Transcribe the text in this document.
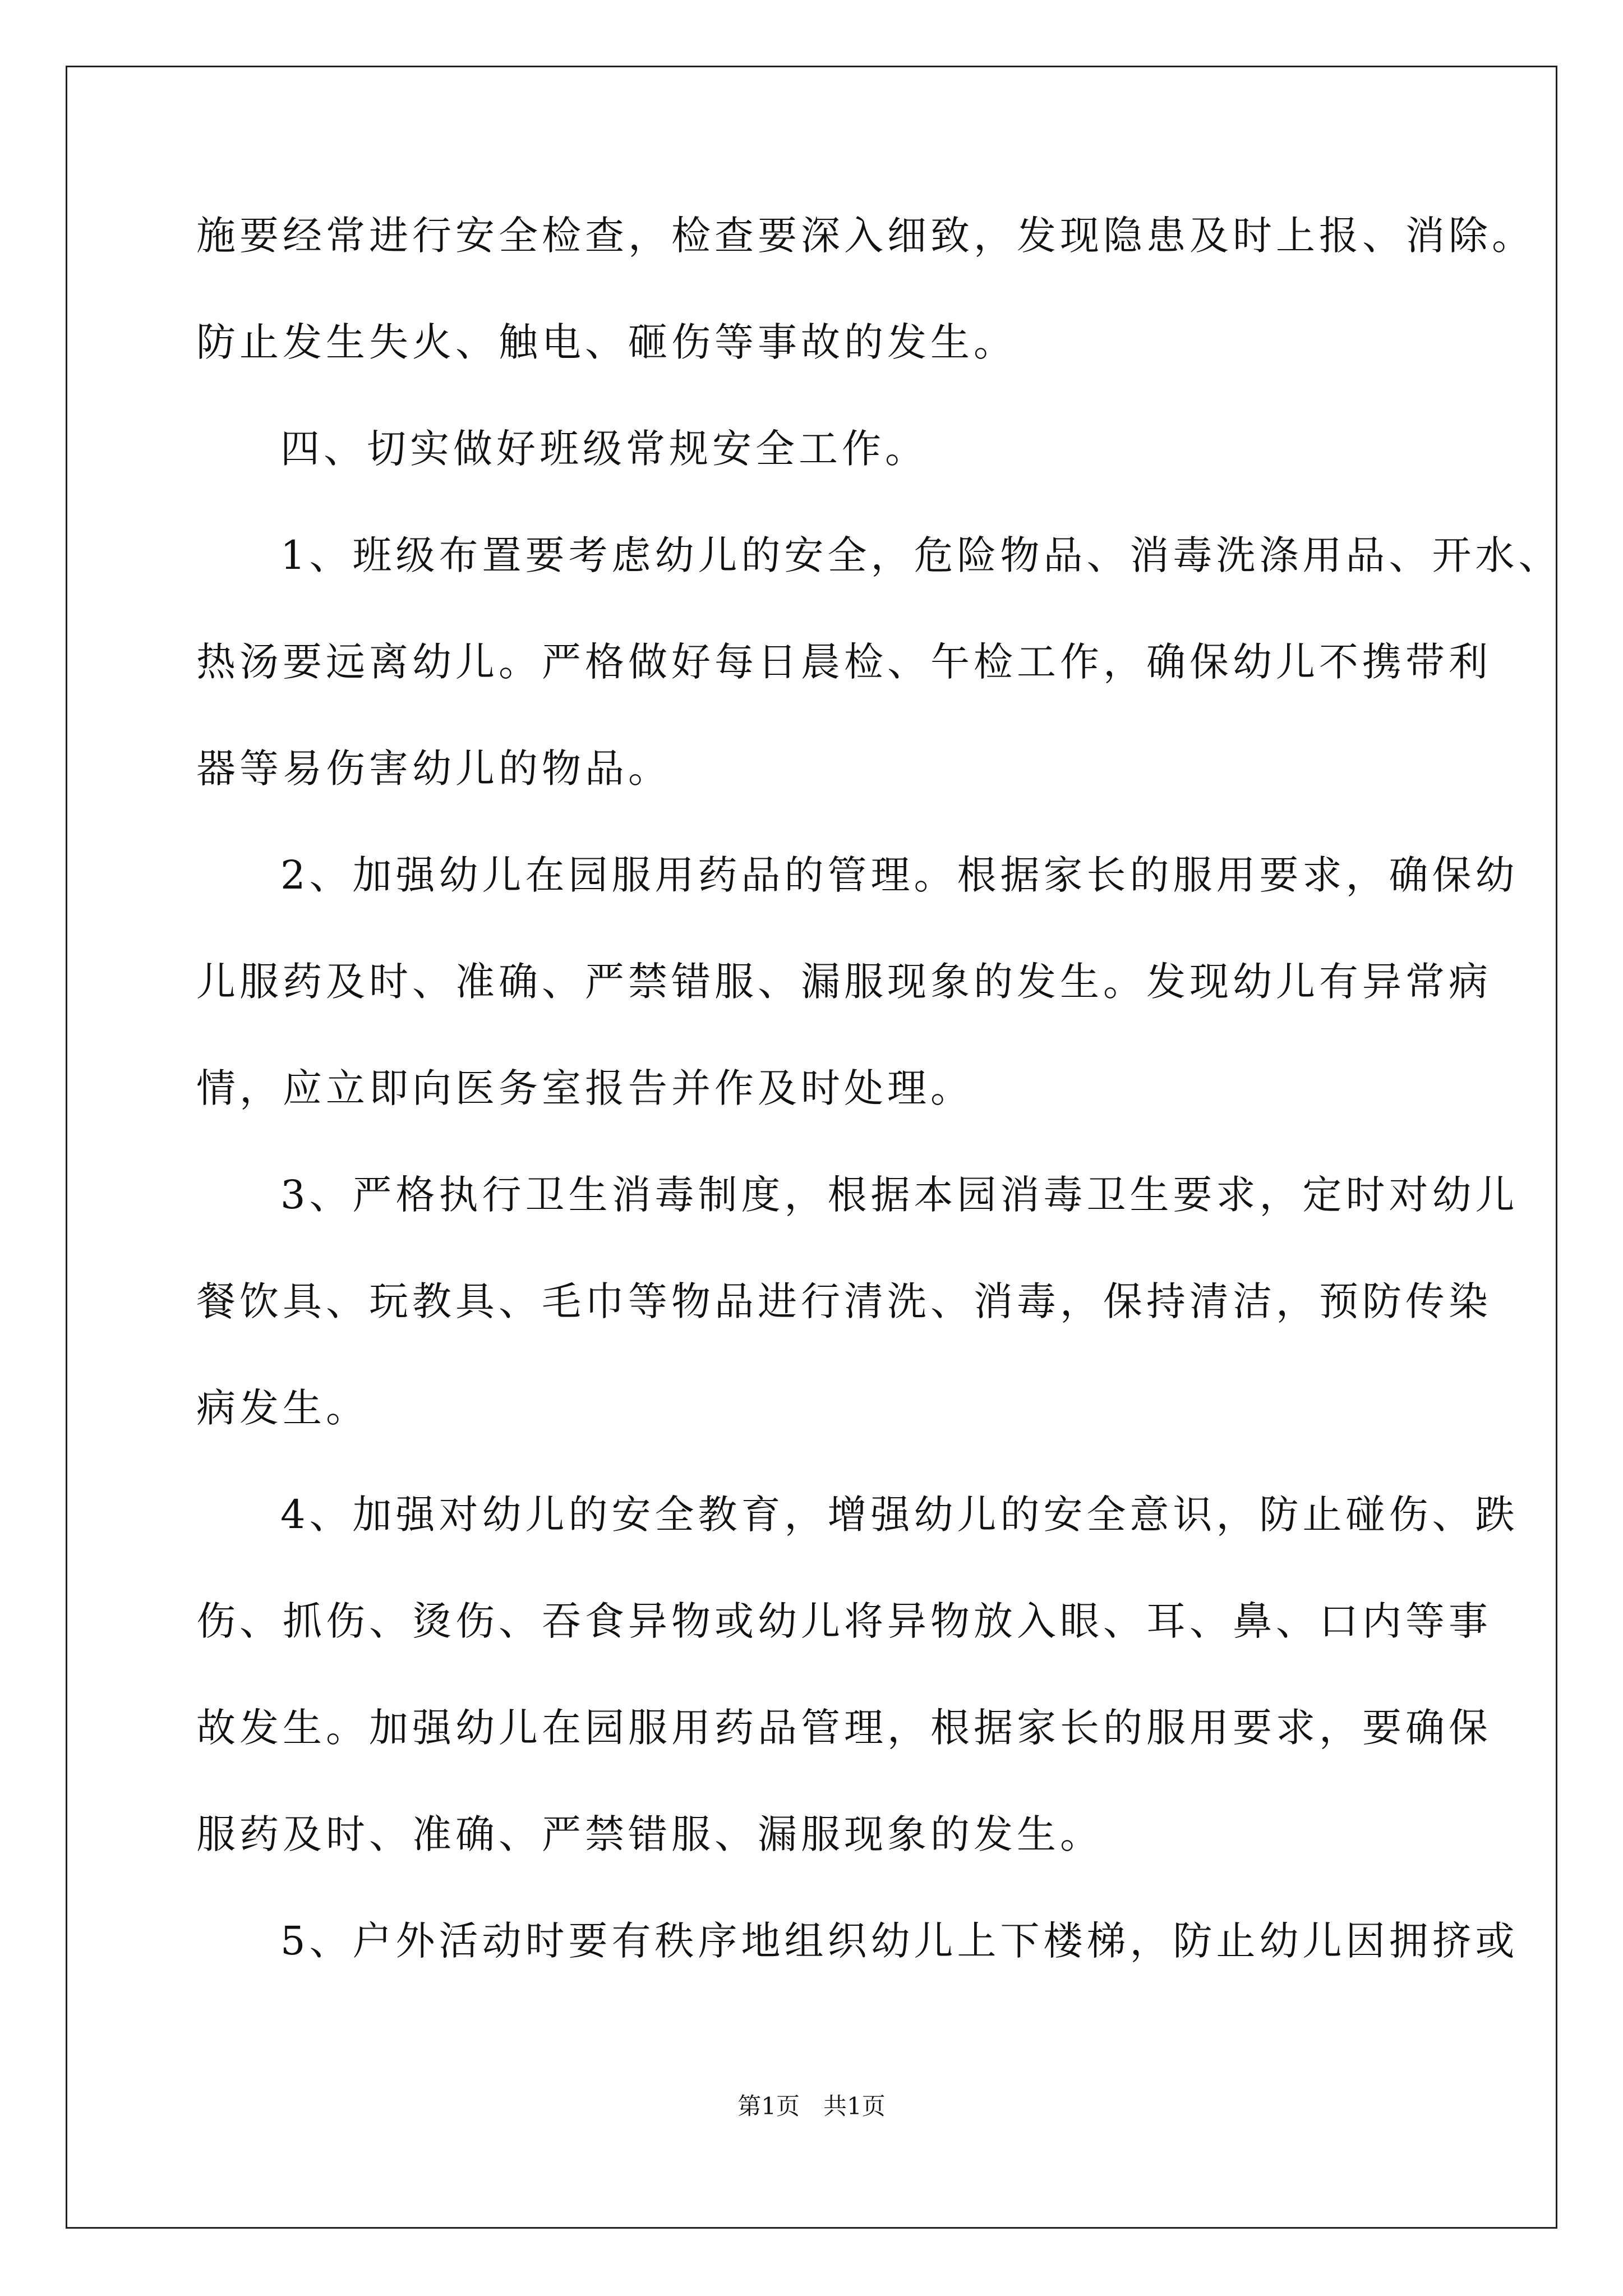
施要经常进行安全检查，检查要深入细致，发现隐患及时上报、消除。
防止发生失火、触电、砸伤等事故的发生。
四、切实做好班级常规安全工作。
1、班级布置要考虑幼儿的安全，危险物品、消毒洗涤用品、开水、
热汤要远离幼儿。严格做好每日晨检、午检工作，确保幼儿不携带利
器等易伤害幼儿的物品。
2、加强幼儿在园服用药品的管理。根据家长的服用要求，确保幼
儿服药及时、准确、严禁错服、漏服现象的发生。发现幼儿有异常病
情，应立即向医务室报告并作及时处理。
3、严格执行卫生消毒制度，根据本园消毒卫生要求，定时对幼儿
餐饮具、玩教具、毛巾等物品进行清洗、消毒，保持清洁，预防传染
病发生。
4、加强对幼儿的安全教育，增强幼儿的安全意识，防止碰伤、跌
伤、抓伤、烫伤、吞食异物或幼儿将异物放入眼、耳、鼻、口内等事
故发生。加强幼儿在园服用药品管理，根据家长的服用要求，要确保
服药及时、准确、严禁错服、漏服现象的发生。
5、户外活动时要有秩序地组织幼儿上下楼梯，防止幼儿因拥挤或
第1页　共1页
